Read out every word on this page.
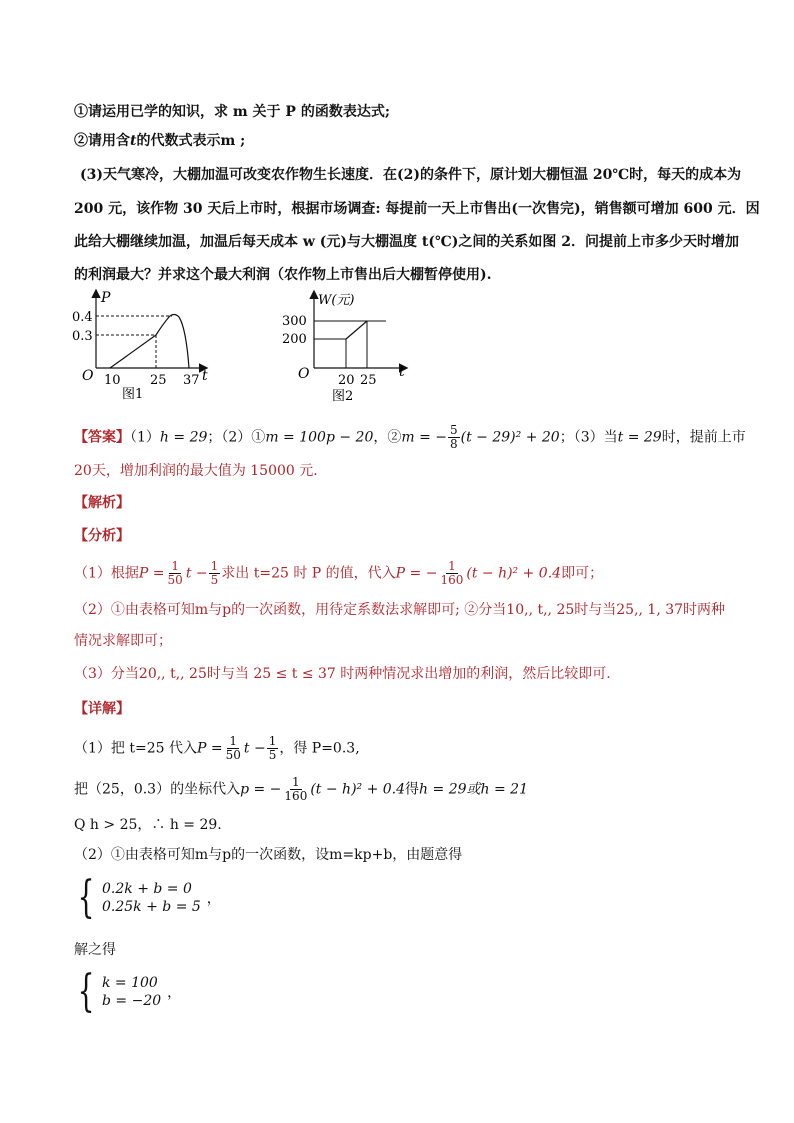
①请运用已学的知识，求 m 关于 P 的函数表达式;
②请用含t的代数式表示m ;
(3)天气寒冷，大棚加温可改变农作物生长速度．在(2)的条件下，原计划大棚恒温 20℃时，每天的成本为
200 元，该作物 30 天后上市时，根据市场调查: 每提前一天上市售出(一次售完)，销售额可增加 600 元．因
此给大棚继续加温，加温后每天成本 w (元)与大棚温度 t(℃)之间的关系如图 2．问提前上市多少天时增加
的利润最大？并求这个最大利润（农作物上市售出后大棚暂停使用).
P
t
O
0.4
0.3
10 25 37
图1
W(元)
t
O
300
200
20 25
图2
【答案】（1）h = 29；（2）①m = 100p − 20，②m = − $\frac{5}{8} (t - 29)^2 + 20$；（3）当t = 29时，提前上市
20天，增加利润的最大值为 15000 元.
【解析】
【分析】
（1）根据$P = \frac{1}{50}$ $t - \frac{1}{5}$ 求出 t=25 时 P 的值，代入P = − $\frac{1}{160} (t - h)^2 + 0.4$即可；
（2）①由表格可知m与p的一次函数，用待定系数法求解即可; ②分当10,, t,, 25时与当25,, 1, 37时两种
情况求解即可；
（3）分当20,, t,, 25时与当 25 ≤ t ≤ 37 时两种情况求出增加的利润，然后比较即可.
【详解】
（1）把 t=25 代入$P = \frac{1}{50}$ $t - \frac{1}{5}$ ，得 P=0.3,
把（25，0.3）的坐标代入p = − $\frac{1}{160} (t - h)^2 + 0.4$得h = 29或h = 21
Q h > 25，∴ h = 29.
（2）①由表格可知m与p的一次函数，设m=kp+b，由题意得
{ 0.2k + b = 0
0.25k + b = 5 ，
解之得
{ k = 100
b = −20 ，
